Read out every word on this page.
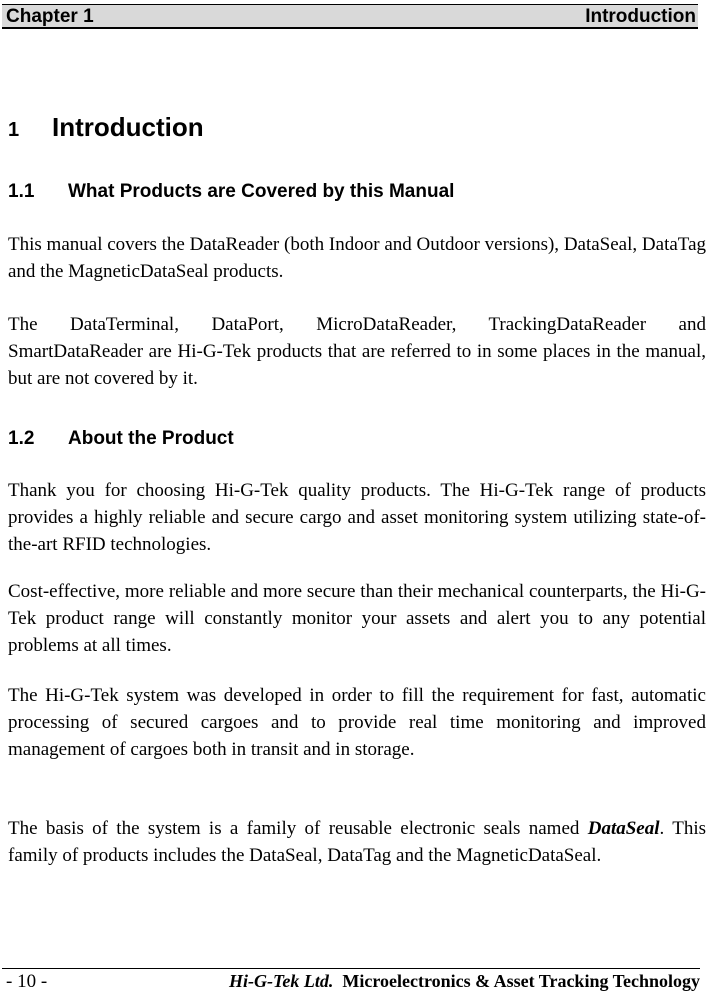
Chapter 1	Introduction
1 Introduction
1.1 What Products are Covered by this Manual
This manual covers the DataReader (both Indoor and Outdoor versions), DataSeal, DataTag and the MagneticDataSeal products.
The DataTerminal, DataPort, MicroDataReader, TrackingDataReader and SmartDataReader are Hi-G-Tek products that are referred to in some places in the manual, but are not covered by it.
1.2 About the Product
Thank you for choosing Hi-G-Tek quality products. The Hi-G-Tek range of products provides a highly reliable and secure cargo and asset monitoring system utilizing state-of-the-art RFID technologies.
Cost-effective, more reliable and more secure than their mechanical counterparts, the Hi-G-Tek product range will constantly monitor your assets and alert you to any potential problems at all times.
The Hi-G-Tek system was developed in order to fill the requirement for fast, automatic processing of secured cargoes and to provide real time monitoring and improved management of cargoes both in transit and in storage.
The basis of the system is a family of reusable electronic seals named DataSeal. This family of products includes the DataSeal, DataTag and the MagneticDataSeal.
- 10 -	Hi-G-Tek Ltd. Microelectronics & Asset Tracking Technology
